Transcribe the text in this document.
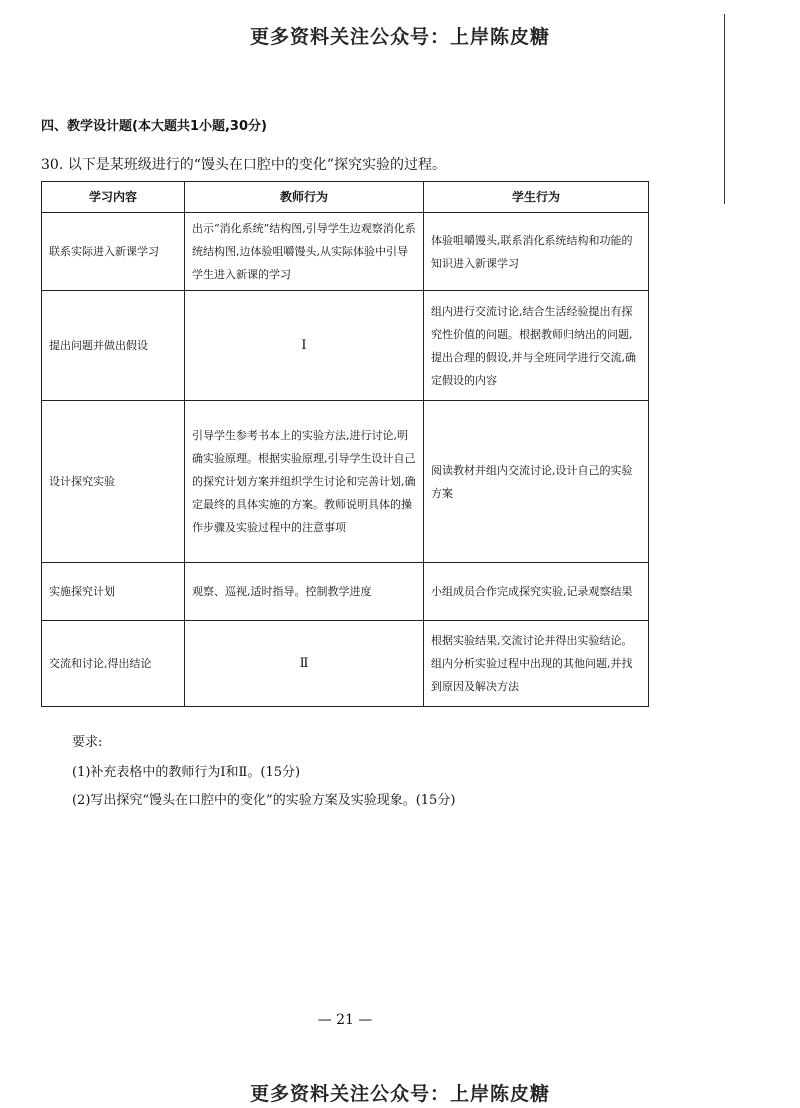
更多资料关注公众号：上岸陈皮糖
四、教学设计题(本大题共1小题,30分)
30. 以下是某班级进行的“馒头在口腔中的变化”探究实验的过程。
学习内容	教师行为	学生行为
联系实际进入新课学习	出示“消化系统”结构图,引导学生边观察消化系统结构图,边体验咀嚼馒头,从实际体验中引导学生进入新课的学习	体验咀嚼馒头,联系消化系统结构和功能的知识进入新课学习
提出问题并做出假设	I	组内进行交流讨论,结合生活经验提出有探究性价值的问题。根据教师归纳出的问题,提出合理的假设,并与全班同学进行交流,确定假设的内容
设计探究实验	引导学生参考书本上的实验方法,进行讨论,明确实验原理。根据实验原理,引导学生设计自己的探究计划方案并组织学生讨论和完善计划,确定最终的具体实施的方案。教师说明具体的操作步骤及实验过程中的注意事项	阅读教材并组内交流讨论,设计自己的实验方案
实施探究计划	观察、巡视,适时指导。控制教学进度	小组成员合作完成探究实验,记录观察结果
交流和讨论,得出结论	Ⅱ	根据实验结果,交流讨论并得出实验结论。组内分析实验过程中出现的其他问题,并找到原因及解决方法
要求:
(1)补充表格中的教师行为Ⅰ和Ⅱ。(15分)
(2)写出探究“馒头在口腔中的变化”的实验方案及实验现象。(15分)
— 21 —
更多资料关注公众号：上岸陈皮糖
